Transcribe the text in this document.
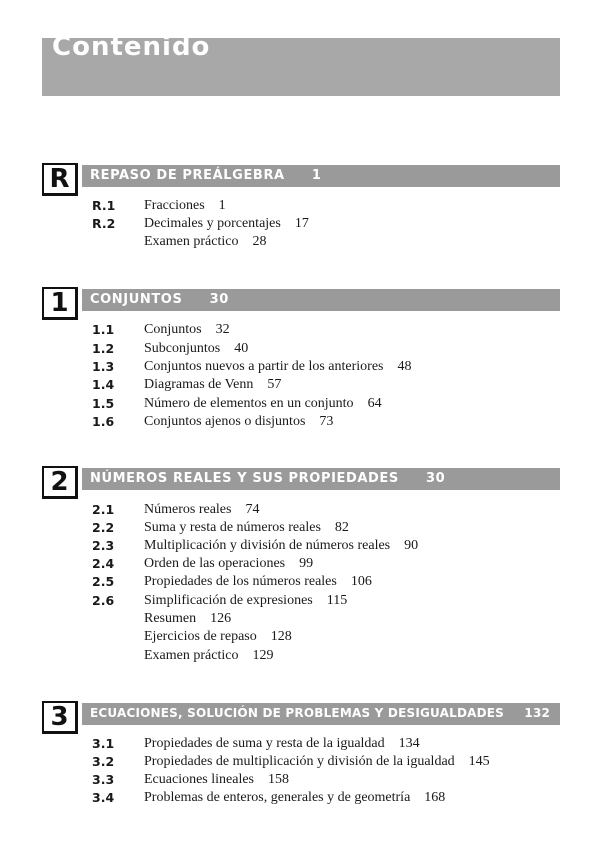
Contenido
R	REPASO DE PREÁLGEBRA 1
R.1 Fracciones 1
R.2 Decimales y porcentajes 17
Examen práctico 28
1	CONJUNTOS 30
1.1 Conjuntos 32
1.2 Subconjuntos 40
1.3 Conjuntos nuevos a partir de los anteriores 48
1.4 Diagramas de Venn 57
1.5 Número de elementos en un conjunto 64
1.6 Conjuntos ajenos o disjuntos 73
2	NÚMEROS REALES Y SUS PROPIEDADES 30
2.1 Números reales 74
2.2 Suma y resta de números reales 82
2.3 Multiplicación y división de números reales 90
2.4 Orden de las operaciones 99
2.5 Propiedades de los números reales 106
2.6 Simplificación de expresiones 115
Resumen 126
Ejercicios de repaso 128
Examen práctico 129
3	ECUACIONES, SOLUCIÓN DE PROBLEMAS Y DESIGUALDADES 132
3.1 Propiedades de suma y resta de la igualdad 134
3.2 Propiedades de multiplicación y división de la igualdad 145
3.3 Ecuaciones lineales 158
3.4 Problemas de enteros, generales y de geometría 168
